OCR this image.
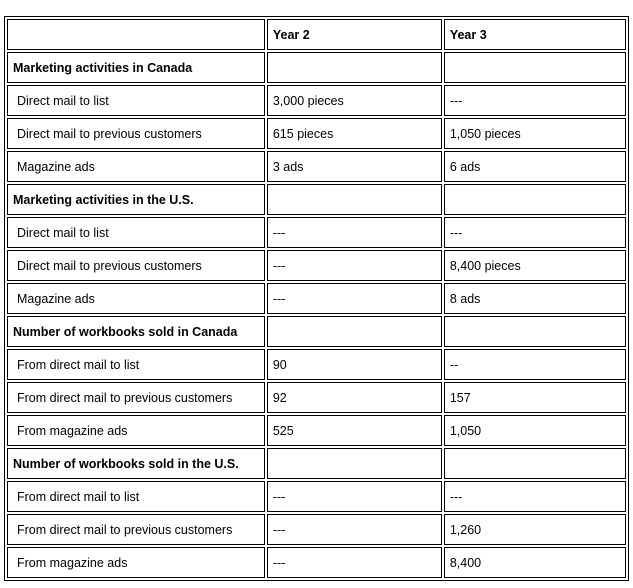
	Year 2	Year 3
Marketing activities in Canada		
Direct mail to list	3,000 pieces	---
Direct mail to previous customers	615 pieces	1,050 pieces
Magazine ads	3 ads	6 ads
Marketing activities in the U.S.		
Direct mail to list	---	---
Direct mail to previous customers	---	8,400 pieces
Magazine ads	---	8 ads
Number of workbooks sold in Canada		
From direct mail to list	90	--
From direct mail to previous customers	92	157
From magazine ads	525	1,050
Number of workbooks sold in the U.S.		
From direct mail to list	---	---
From direct mail to previous customers	---	1,260
From magazine ads	---	8,400
